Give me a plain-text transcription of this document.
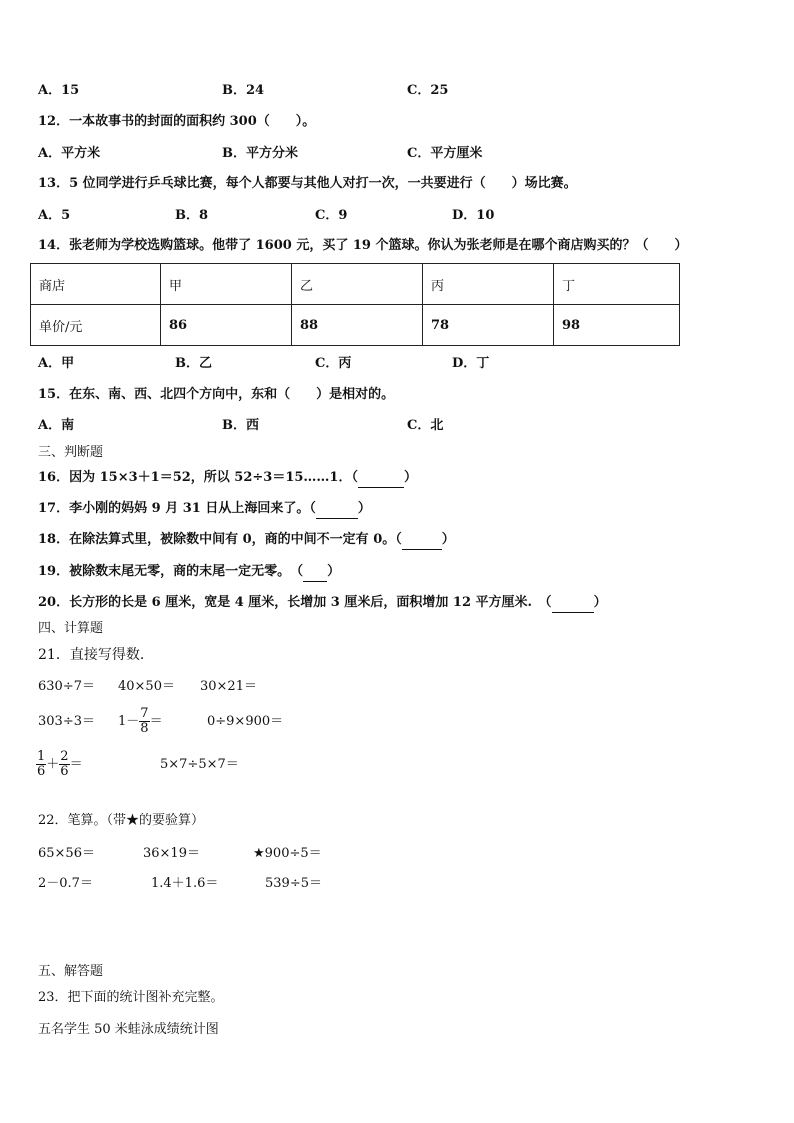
A．15	B．24	C．25
12．一本故事书的封面的面积约 300（　　）。
A．平方米	B．平方分米	C．平方厘米
13．5 位同学进行乒乓球比赛，每个人都要与其他人对打一次，一共要进行（　　）场比赛。
A．5	B．8	C．9	D．10
14．张老师为学校选购篮球。他带了 1600 元，买了 19 个篮球。你认为张老师是在哪个商店购买的？（　　）
商店	甲	乙	丙	丁
单价/元	86	88	78	98
A．甲	B．乙	C．丙	D．丁
15．在东、南、西、北四个方向中，东和（　　）是相对的。
A．南	B．西	C．北
三、判断题
16．因为 15×3＋1＝52，所以 52÷3＝15……1．（	）
17．李小刚的妈妈 9 月 31 日从上海回来了。（	）
18．在除法算式里，被除数中间有 0，商的中间不一定有 0。（	）
19．被除数末尾无零，商的末尾一定无零。　（ ）
20．长方形的长是 6 厘米，宽是 4 厘米，长增加 3 厘米后，面积增加 12 平方厘米.　（	）
四、计算题
21．直接写得数.
630÷7＝ 40×50＝ 30×21＝
$303\div 3= 1- \frac{7}{8}$ ＝	0÷9×900＝
$\frac{1}{6} + \frac{2}{6}$ ＝	5×7÷5×7＝
22．笔算。（带★的要验算）
65×56＝	36×19＝	★900÷5＝
2－0.7＝	1.4＋1.6＝	539÷5＝
五、解答题
23．把下面的统计图补充完整。
五名学生 50 米蛙泳成绩统计图
